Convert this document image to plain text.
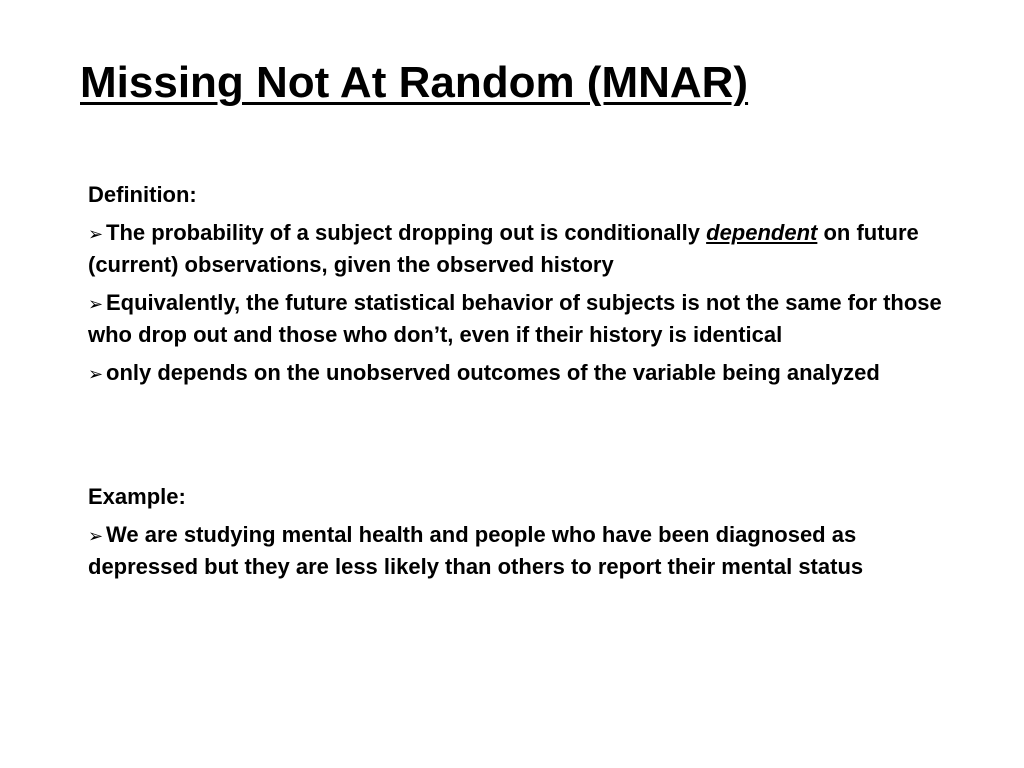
Missing Not At Random (MNAR)
Definition:
➢ The probability of a subject dropping out is conditionally dependent on future (current) observations, given the observed history
➢ Equivalently, the future statistical behavior of subjects is not the same for those who drop out and those who don’t, even if their history is identical
➢ only depends on the unobserved outcomes of the variable being analyzed
Example:
➢ We are studying mental health and people who have been diagnosed as depressed but they are less likely than others to report their mental status
